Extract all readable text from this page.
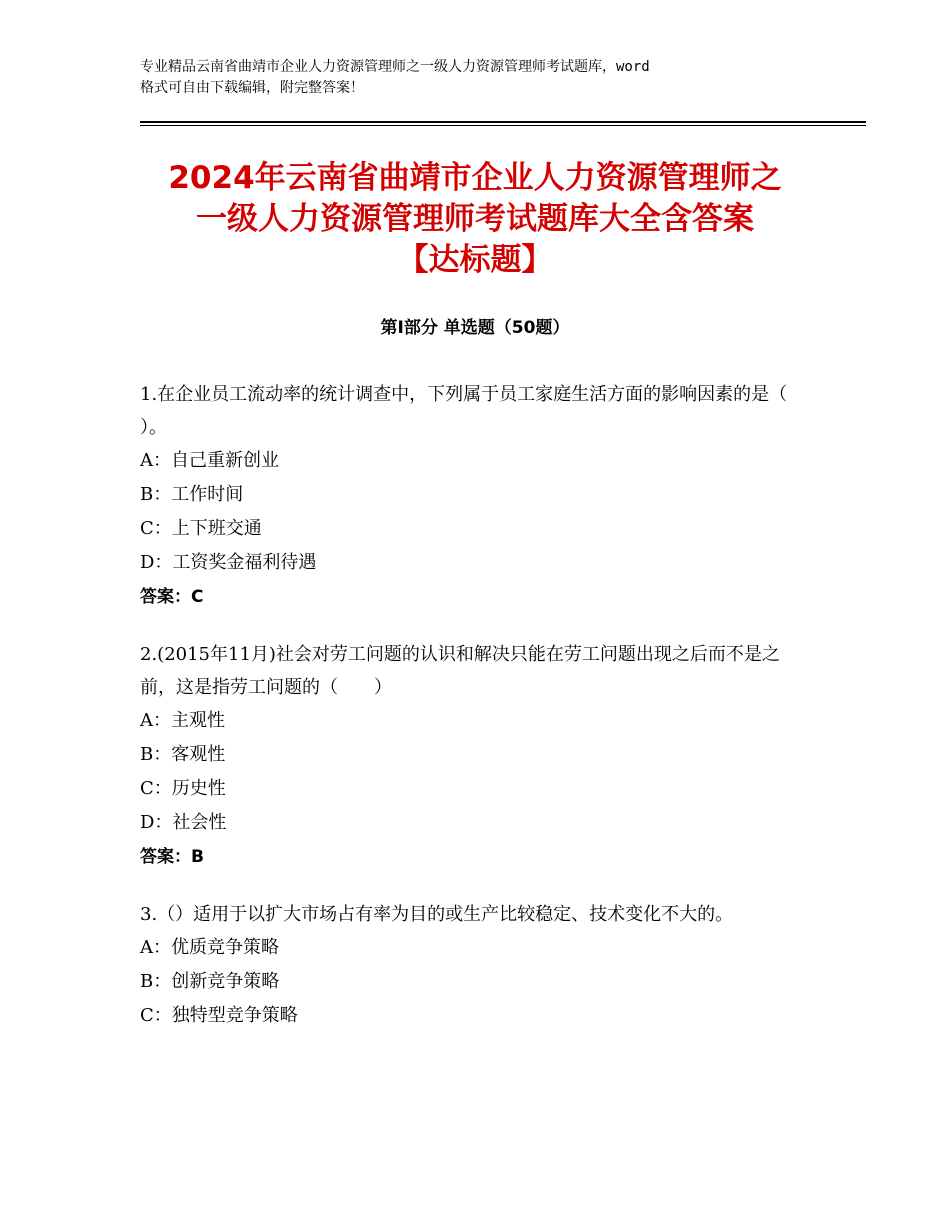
专业精品云南省曲靖市企业人力资源管理师之一级人力资源管理师考试题库，word
格式可自由下载编辑，附完整答案！
2024年云南省曲靖市企业人力资源管理师之
一级人力资源管理师考试题库大全含答案
【达标题】
第Ⅰ部分 单选题（50题）
1.在企业员工流动率的统计调查中，下列属于员工家庭生活方面的影响因素的是（ ）。
A：自己重新创业
B：工作时间
C：上下班交通
D：工资奖金福利待遇
答案：C
2.(2015年11月)社会对劳工问题的认识和解决只能在劳工问题出现之后而不是之前，这是指劳工问题的（　　）
A：主观性
B：客观性
C：历史性
D：社会性
答案：B
3.（）适用于以扩大市场占有率为目的或生产比较稳定、技术变化不大的。
A：优质竞争策略
B：创新竞争策略
C：独特型竞争策略
